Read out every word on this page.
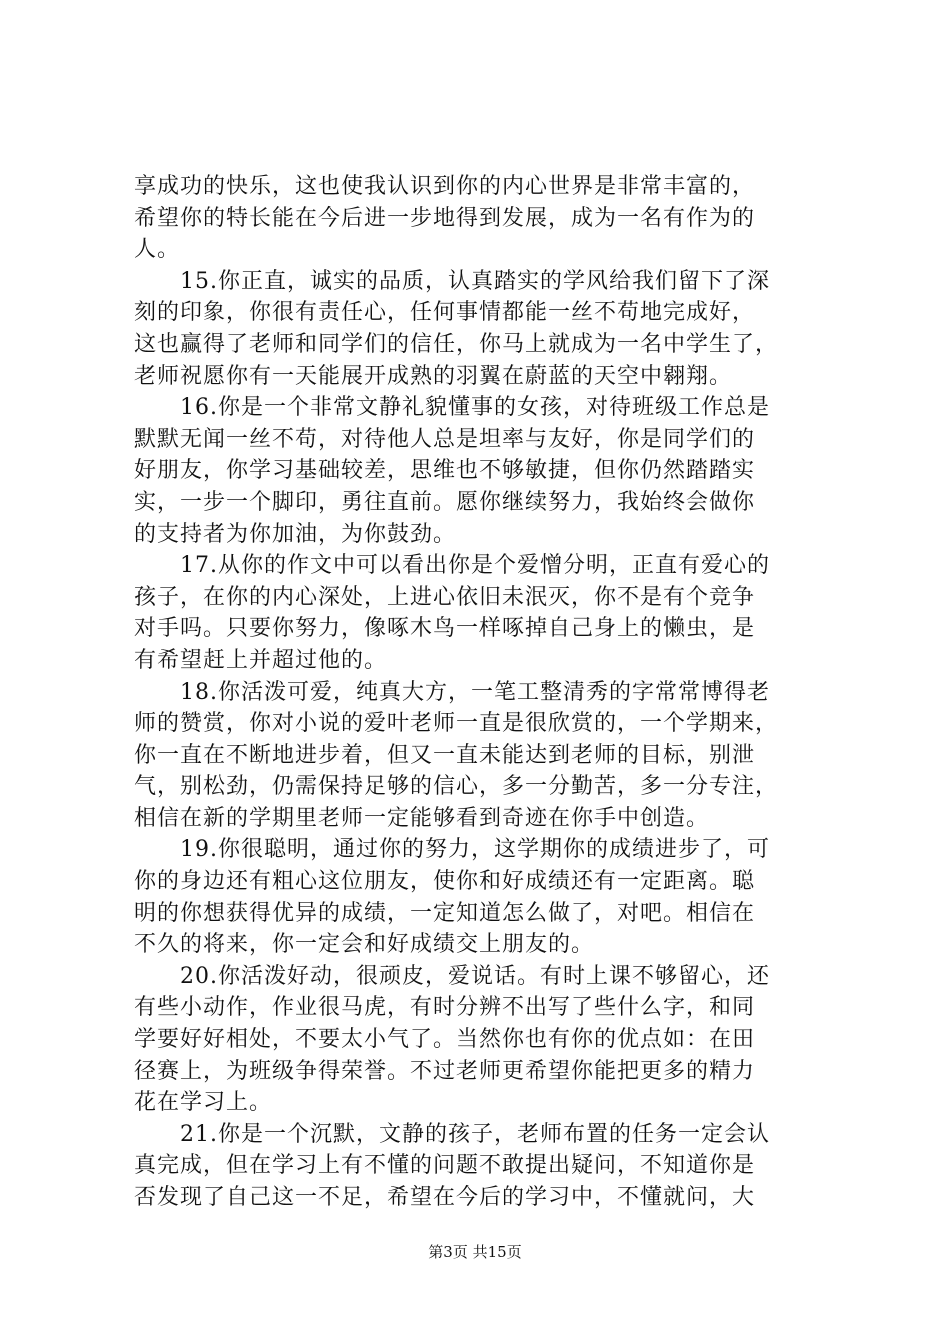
享成功的快乐，这也使我认识到你的内心世界是非常丰富的，
希望你的特长能在今后进一步地得到发展，成为一名有作为的
人。
15.你正直，诚实的品质，认真踏实的学风给我们留下了深
刻的印象，你很有责任心，任何事情都能一丝不苟地完成好，
这也赢得了老师和同学们的信任，你马上就成为一名中学生了，
老师祝愿你有一天能展开成熟的羽翼在蔚蓝的天空中翱翔。
16.你是一个非常文静礼貌懂事的女孩，对待班级工作总是
默默无闻一丝不苟，对待他人总是坦率与友好，你是同学们的
好朋友，你学习基础较差，思维也不够敏捷，但你仍然踏踏实
实，一步一个脚印，勇往直前。愿你继续努力，我始终会做你
的支持者为你加油，为你鼓劲。
17.从你的作文中可以看出你是个爱憎分明，正直有爱心的
孩子，在你的内心深处，上进心依旧未泯灭，你不是有个竞争
对手吗。只要你努力，像啄木鸟一样啄掉自己身上的懒虫，是
有希望赶上并超过他的。
18.你活泼可爱，纯真大方，一笔工整清秀的字常常博得老
师的赞赏，你对小说的爱叶老师一直是很欣赏的，一个学期来，
你一直在不断地进步着，但又一直未能达到老师的目标，别泄
气，别松劲，仍需保持足够的信心，多一分勤苦，多一分专注，
相信在新的学期里老师一定能够看到奇迹在你手中创造。
19.你很聪明，通过你的努力，这学期你的成绩进步了，可
你的身边还有粗心这位朋友，使你和好成绩还有一定距离。聪
明的你想获得优异的成绩，一定知道怎么做了，对吧。相信在
不久的将来，你一定会和好成绩交上朋友的。
20.你活泼好动，很顽皮，爱说话。有时上课不够留心，还
有些小动作，作业很马虎，有时分辨不出写了些什么字，和同
学要好好相处，不要太小气了。当然你也有你的优点如：在田
径赛上，为班级争得荣誉。不过老师更希望你能把更多的精力
花在学习上。
21.你是一个沉默，文静的孩子，老师布置的任务一定会认
真完成，但在学习上有不懂的问题不敢提出疑问，不知道你是
否发现了自己这一不足，希望在今后的学习中，不懂就问，大
第3页 共15页
